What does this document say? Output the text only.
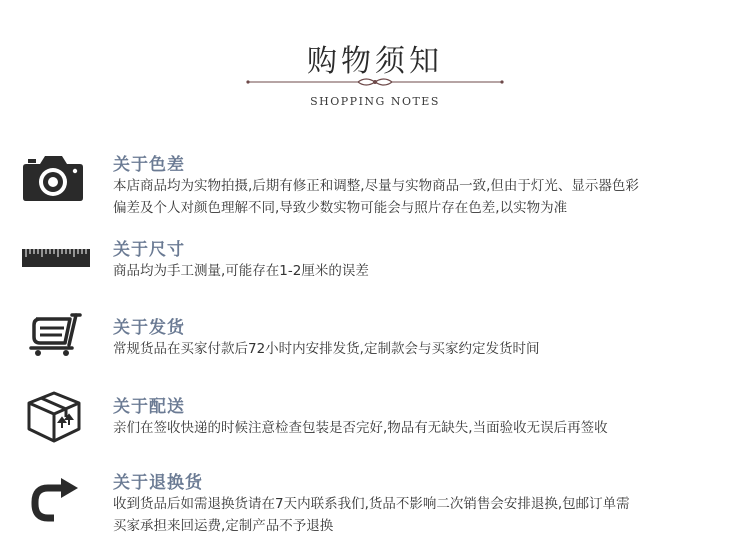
购物须知
SHOPPING NOTES
关于色差
本店商品均为实物拍摄,后期有修正和调整,尽量与实物商品一致,但由于灯光、显示器色彩
偏差及个人对颜色理解不同,导致少数实物可能会与照片存在色差,以实物为准
关于尺寸
商品均为手工测量,可能存在1-2厘米的误差
关于发货
常规货品在买家付款后72小时内安排发货,定制款会与买家约定发货时间
关于配送
亲们在签收快递的时候注意检查包装是否完好,物品有无缺失,当面验收无误后再签收
关于退换货
收到货品后如需退换货请在7天内联系我们,货品不影响二次销售会安排退换,包邮订单需
买家承担来回运费,定制产品不予退换
